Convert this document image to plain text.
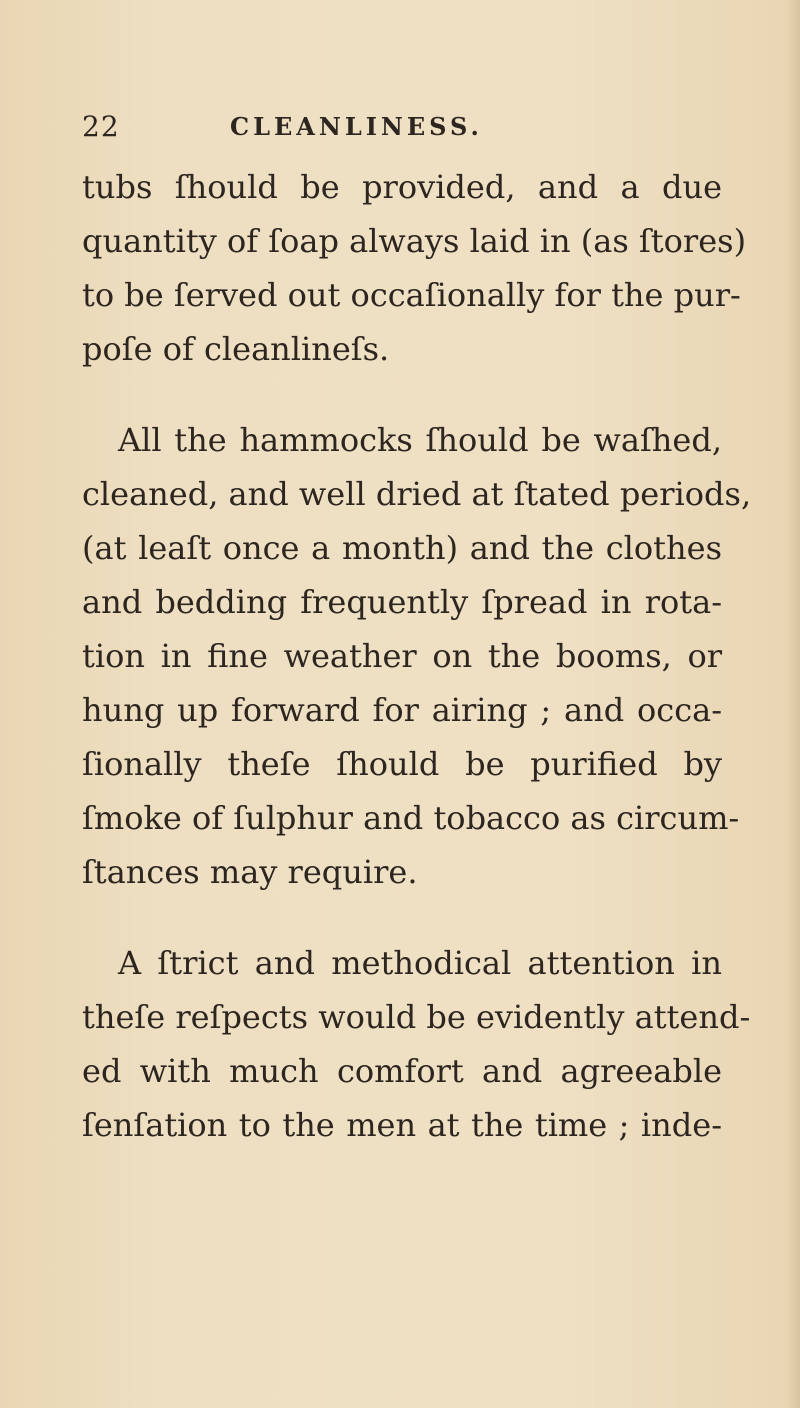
22	CLEANLINESS.
tubs ſhould be provided, and a due
quantity of ſoap always laid in (as ſtores)
to be ſerved out occaſionally for the pur-
poſe of cleanlineſs.
All the hammocks ſhould be waſhed,
cleaned, and well dried at ſtated periods,
(at leaſt once a month) and the clothes
and bedding frequently ſpread in rota-
tion in fine weather on the booms, or
hung up forward for airing ; and occa-
ſionally theſe ſhould be purified by
ſmoke of ſulphur and tobacco as circum-
ſtances may require.
A ſtrict and methodical attention in
theſe reſpects would be evidently attend-
ed with much comfort and agreeable
ſenſation to the men at the time ; inde-
